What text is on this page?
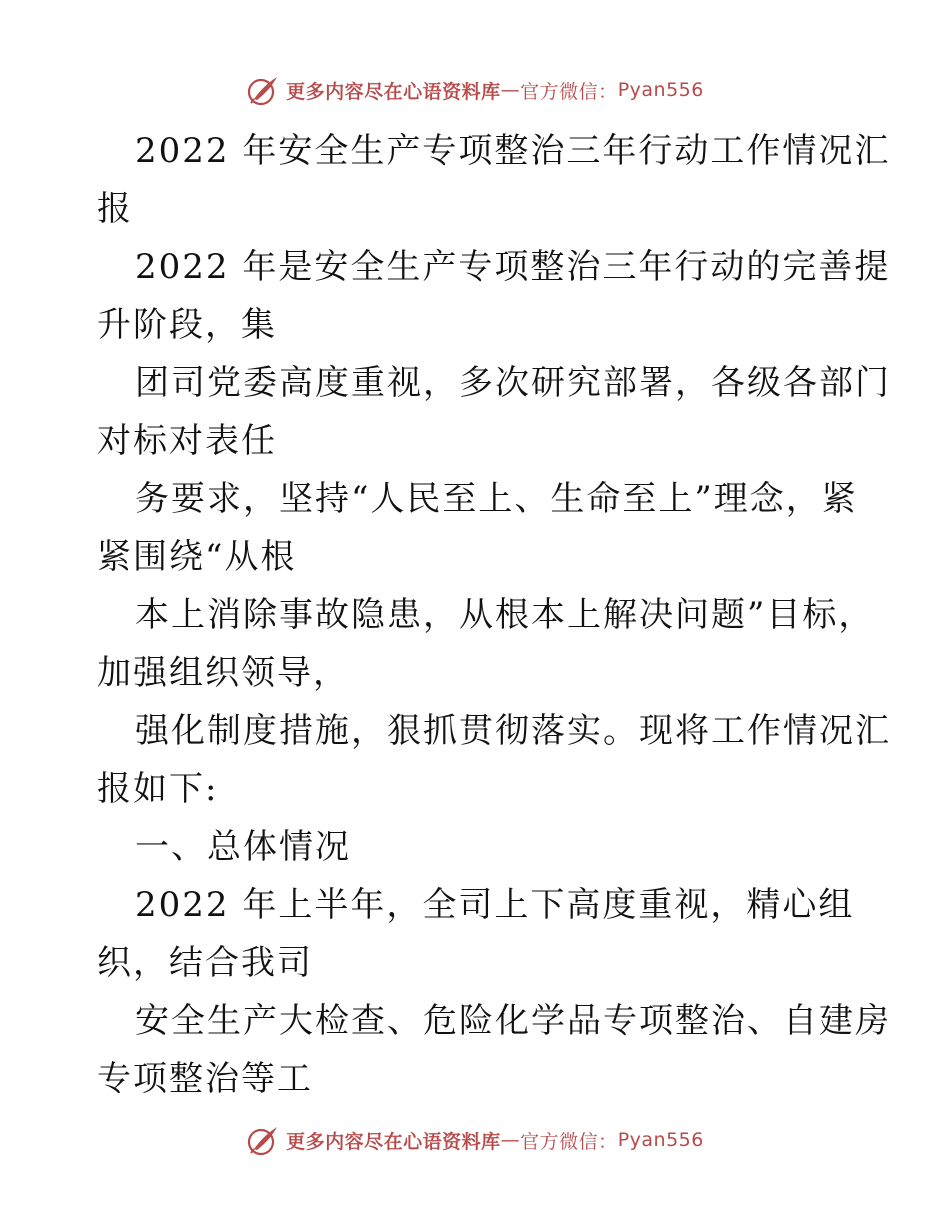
更多内容尽在心语资料库 — 官方微信： Pyan556

2022 年安全生产专项整治三年行动工作情况汇

报

2022 年是安全生产专项整治三年行动的完善提

升阶段，集

团司党委高度重视，多次研究部署，各级各部门

对标对表任

务要求，坚持“人民至上、生命至上”理念，紧

紧围绕“从根

本上消除事故隐患，从根本上解决问题”目标，

加强组织领导，

强化制度措施，狠抓贯彻落实。现将工作情况汇

报如下:

一、总体情况

2022 年上半年，全司上下高度重视，精心组

织，结合我司

安全生产大检查、危险化学品专项整治、自建房

专项整治等工

更多内容尽在心语资料库 — 官方微信： Pyan556
